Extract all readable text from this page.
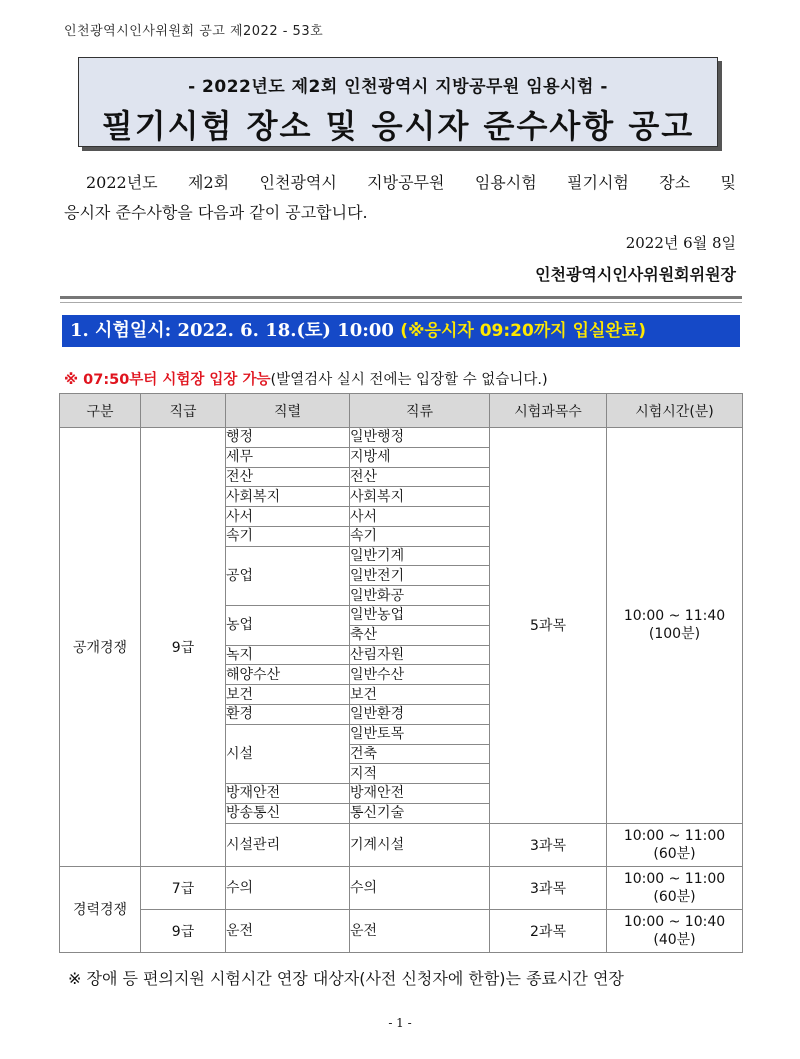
인천광역시인사위원회 공고 제2022 - 53호
- 2022년도 제2회 인천광역시 지방공무원 임용시험 -
필기시험 장소 및 응시자 준수사항 공고
2022년도 제2회 인천광역시 지방공무원 임용시험 필기시험 장소 및
응시자 준수사항을 다음과 같이 공고합니다.
2022년 6월 8일
인천광역시인사위원회위원장
1. 시험일시: 2022. 6. 18.(토) 10:00 (※응시자 09:20까지 입실완료)
※ 07:50부터 시험장 입장 가능(발열검사 실시 전에는 입장할 수 없습니다.)
구분	직급	직렬	직류	시험과목수	시험시간(분)
공개경쟁	9급	행정	일반행정	5과목	10:00 ~ 11:40
(100분)
		세무	지방세		
		전산	전산		
		사회복지	사회복지		
		사서	사서		
		속기	속기		
		공업	일반기계		
			일반전기		
			일반화공		
		농업	일반농업		
			축산		
		녹지	산림자원		
		해양수산	일반수산		
		보건	보건		
		환경	일반환경		
		시설	일반토목		
			건축		
			지적		
		방재안전	방재안전		
		방송통신	통신기술		
		시설관리	기계시설	3과목	10:00 ~ 11:00
(60분)

경력경쟁	7급	수의	수의	3과목	10:00 ~ 11:00
(60분)

	9급	운전	운전	2과목	10:00 ~ 10:40
(40분)

※ 장애 등 편의지원 시험시간 연장 대상자(사전 신청자에 한함)는 종료시간 연장
- 1 -
